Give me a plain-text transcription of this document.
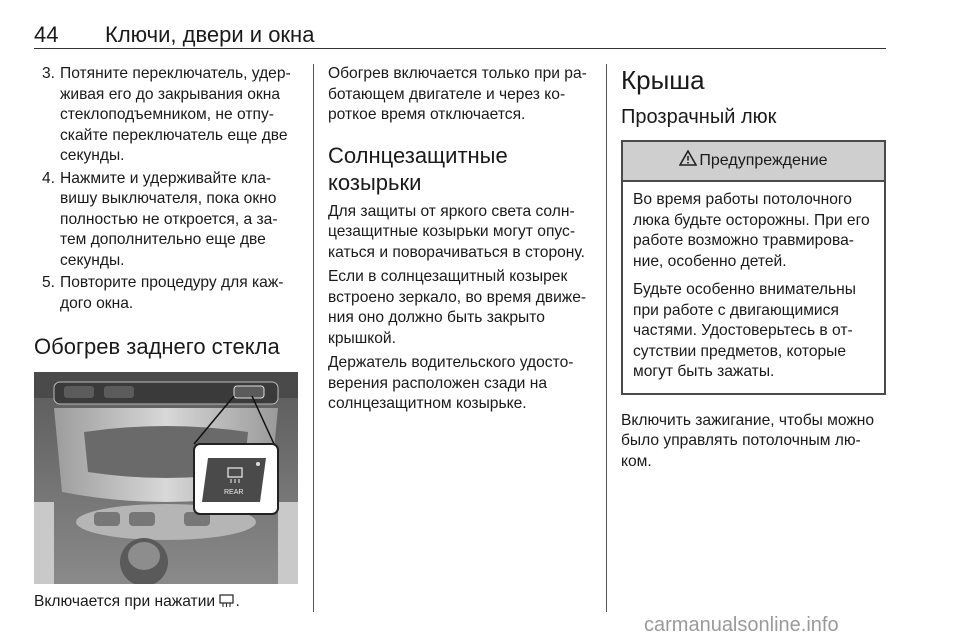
44 Ключи, двери и окна
3. Потяните переключатель, удерживая его до закрывания окна стеклоподъемником, не отпускайте переключатель еще две секунды.
4. Нажмите и удерживайте клавишу выключателя, пока окно полностью не откроется, а затем дополнительно еще две секунды.
5. Повторите процедуру для каждого окна.
Обогрев заднего стекла
REAR

Включается при нажатии .

Обогрев включается только при работающем двигателе и через короткое время отключается.

Солнцезащитные козырьки

Для защиты от яркого света солнцезащитные козырьки могут опускаться и поворачиваться в сторону.

Если в солнцезащитный козырек встроено зеркало, во время движения оно должно быть закрыто крышкой.

Держатель водительского удостоверения расположен сзади на солнцезащитном козырьке.

Крыша
Прозрачный люк
Предупреждение

Во время работы потолочного люка будьте осторожны. При его работе возможно травмирование, особенно детей.

Будьте особенно внимательны при работе с двигающимися частями. Удостоверьтесь в отсутствии предметов, которые могут быть зажаты.

Включить зажигание, чтобы можно было управлять потолочным люком.

carmanualsonline.info
